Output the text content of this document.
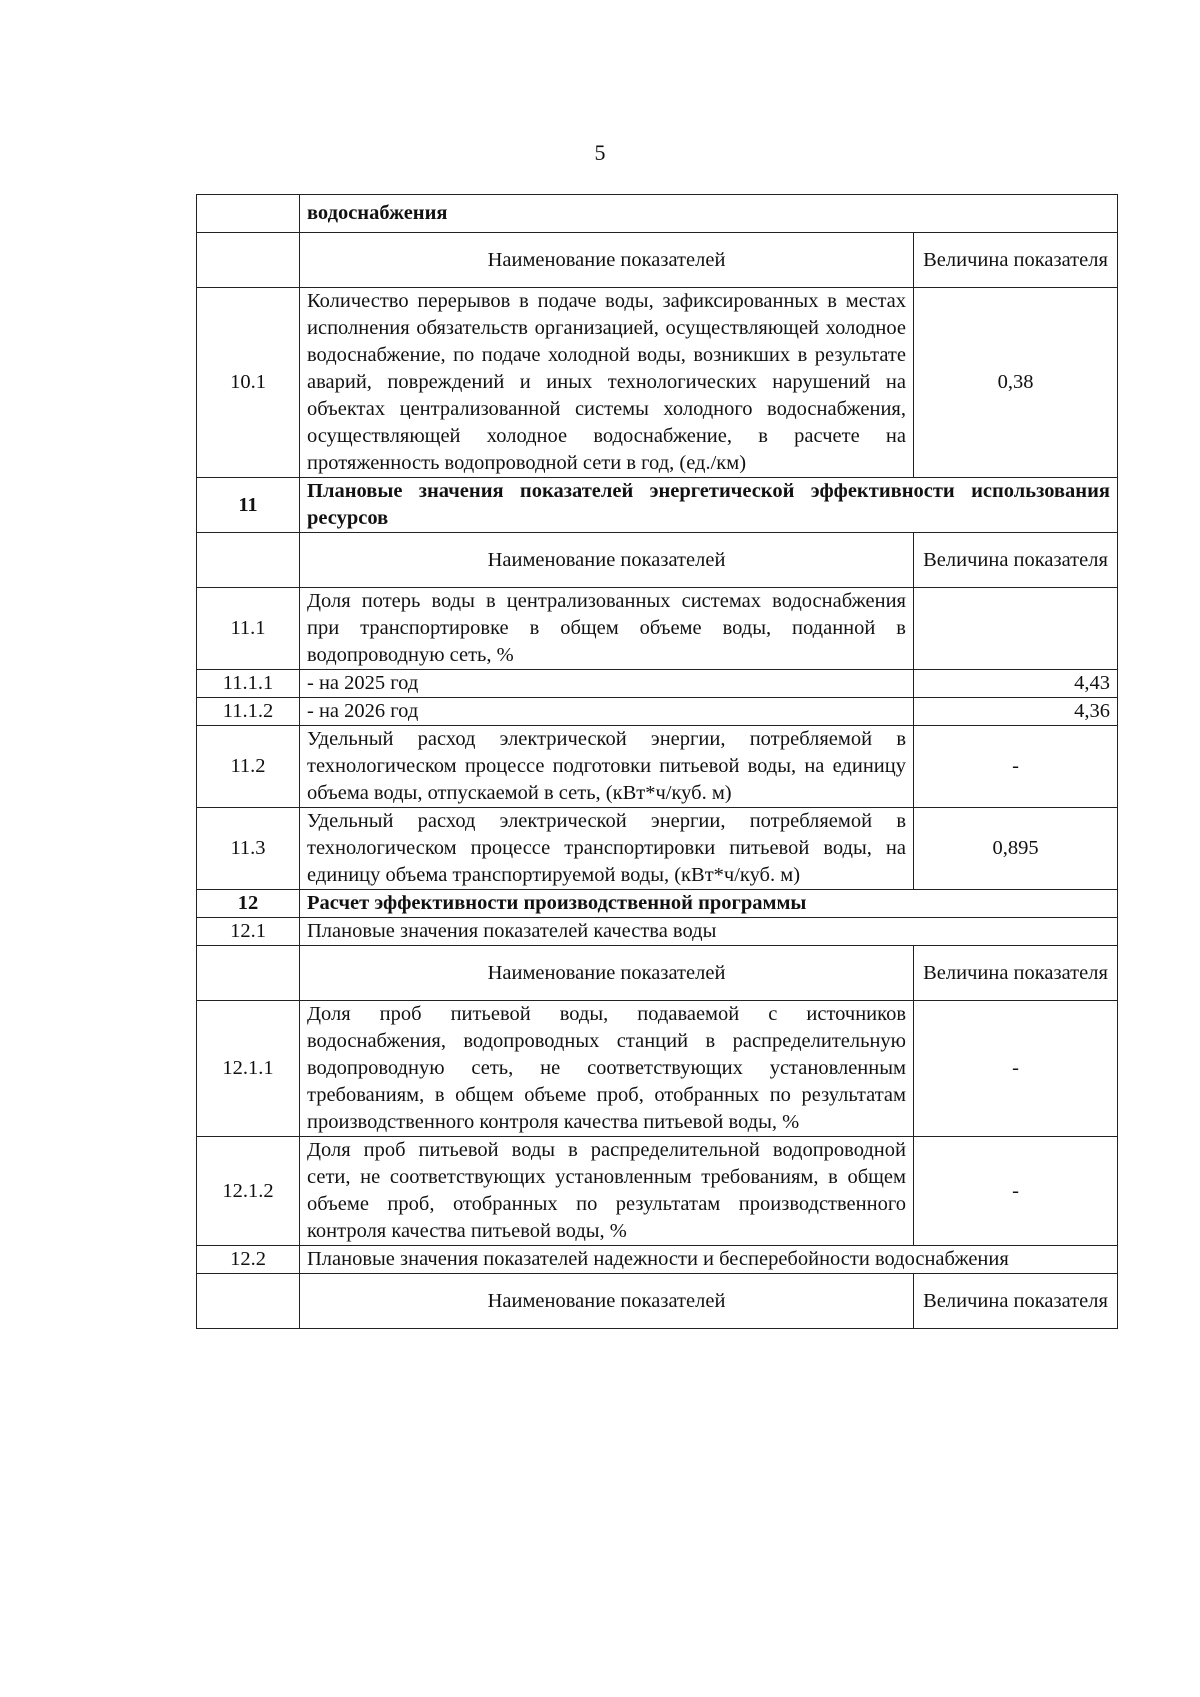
5
	водоснабжения	
	Наименование показателей	Величина показателя
10.1	Количество перерывов в подаче воды, зафиксированных в местах исполнения обязательств организацией, осуществляющей холодное водоснабжение, по подаче холодной воды, возникших в результате аварий, повреждений и иных технологических нарушений на объектах централизованной системы холодного водоснабжения, осуществляющей холодное водоснабжение, в расчете на протяженность водопроводной сети в год, (ед./км)	0,38
11	Плановые значения показателей энергетической эффективности использования ресурсов	
	Наименование показателей	Величина показателя
11.1	Доля потерь воды в централизованных системах водоснабжения при транспортировке в общем объеме воды, поданной в водопроводную сеть, %	
11.1.1	- на 2025 год	4,43
11.1.2	- на 2026 год	4,36
11.2	Удельный расход электрической энергии, потребляемой в технологическом процессе подготовки питьевой воды, на единицу объема воды, отпускаемой в сеть, (кВт*ч/куб. м)	-
11.3	Удельный расход электрической энергии, потребляемой в технологическом процессе транспортировки питьевой воды, на единицу объема транспортируемой воды, (кВт*ч/куб. м)	0,895
12	Расчет эффективности производственной программы	
12.1	Плановые значения показателей качества воды	
	Наименование показателей	Величина показателя
12.1.1	Доля проб питьевой воды, подаваемой с источников водоснабжения, водопроводных станций в распределительную водопроводную сеть, не соответствующих установленным требованиям, в общем объеме проб, отобранных по результатам производственного контроля качества питьевой воды, %	-
12.1.2	Доля проб питьевой воды в распределительной водопроводной сети, не соответствующих установленным требованиям, в общем объеме проб, отобранных по результатам производственного контроля качества питьевой воды, %	-
12.2	Плановые значения показателей надежности и бесперебойности водоснабжения	
	Наименование показателей	Величина показателя
